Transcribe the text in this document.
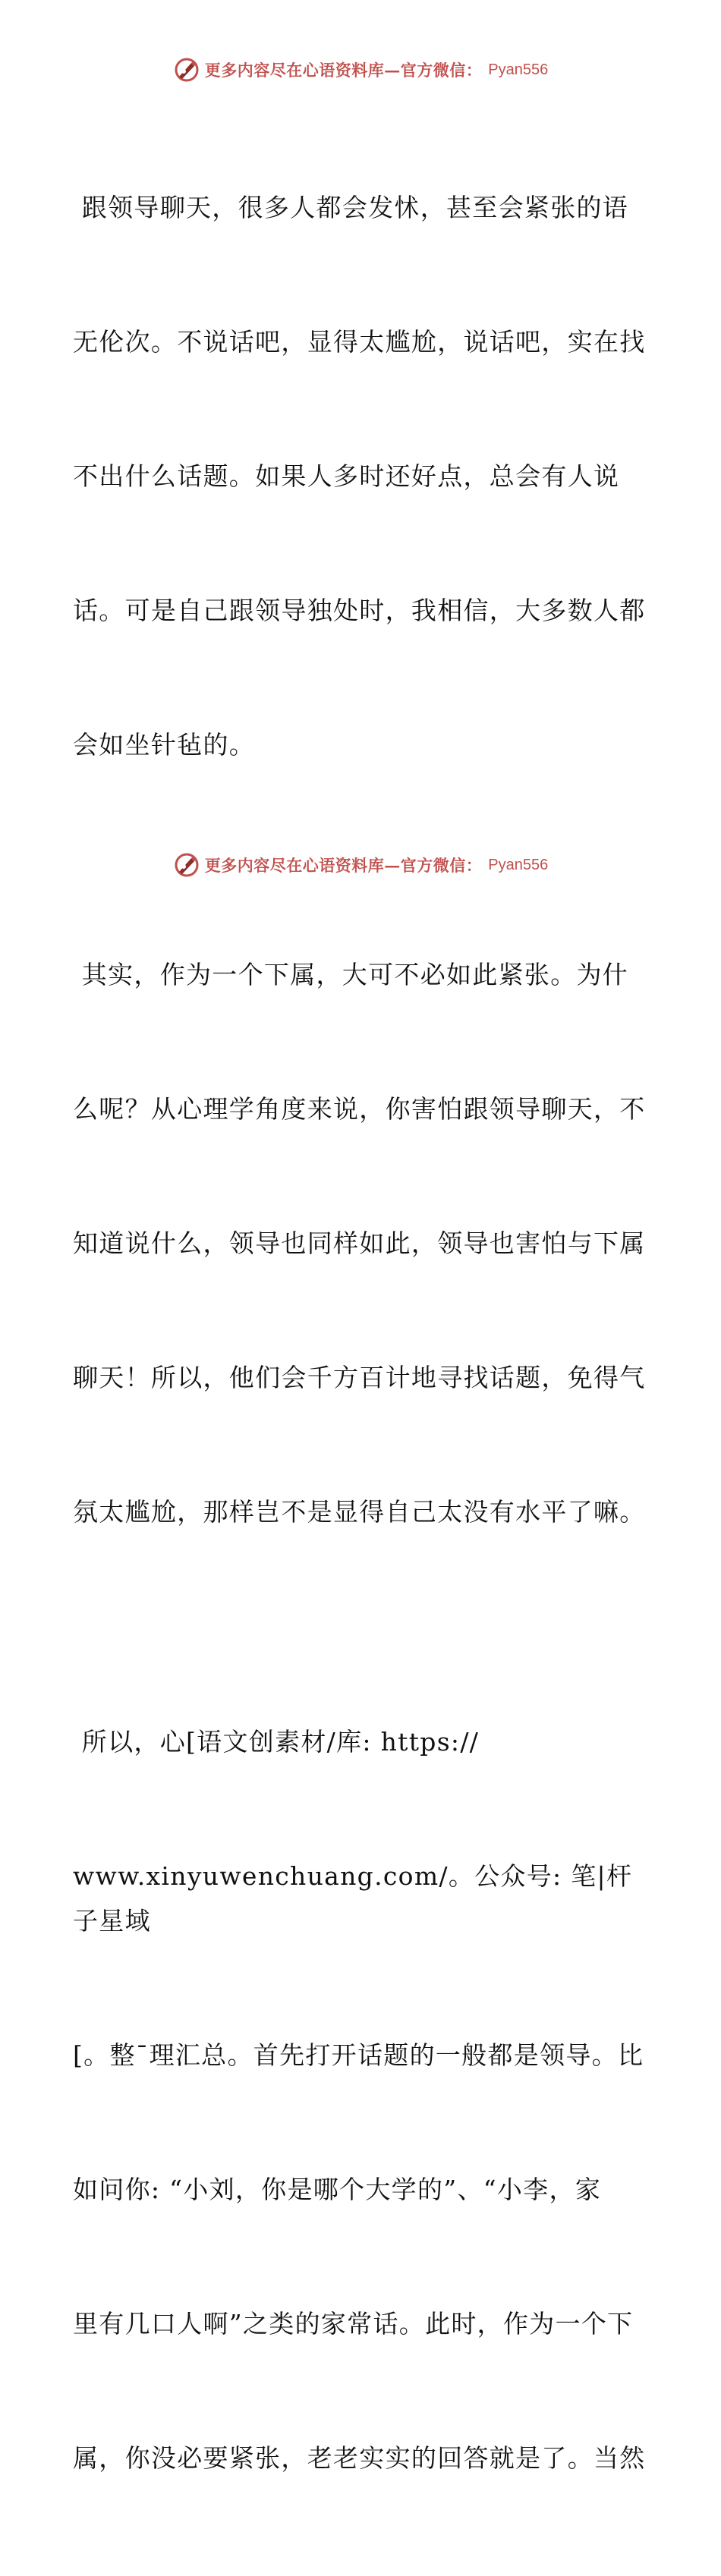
更多内容尽在心语资料库—官方微信： Pyan556

跟领导聊天，很多人都会发怵，甚至会紧张的语

无伦次。不说话吧，显得太尴尬，说话吧，实在找

不出什么话题。如果人多时还好点，总会有人说

话。可是自己跟领导独处时，我相信，大多数人都

会如坐针毡的。

其实，作为一个下属，大可不必如此紧张。为什

么呢？从心理学角度来说，你害怕跟领导聊天，不

知道说什么，领导也同样如此，领导也害怕与下属

聊天！所以，他们会千方百计地寻找话题，免得气

氛太尴尬，那样岂不是显得自己太没有水平了嘛。

所以，心[语文创素材/库: https://

www.xinyuwenchuang.com/。公众号: 笔|杆子星域

[。整¯理汇总。首先打开话题的一般都是领导。比

如问你: “小刘，你是哪个大学的”、“小李，家

里有几口人啊”之类的家常话。此时，作为一个下

属，你没必要紧张，老老实实的回答就是了。当然

更多内容尽在心语资料库—官方微信： Pyan556
